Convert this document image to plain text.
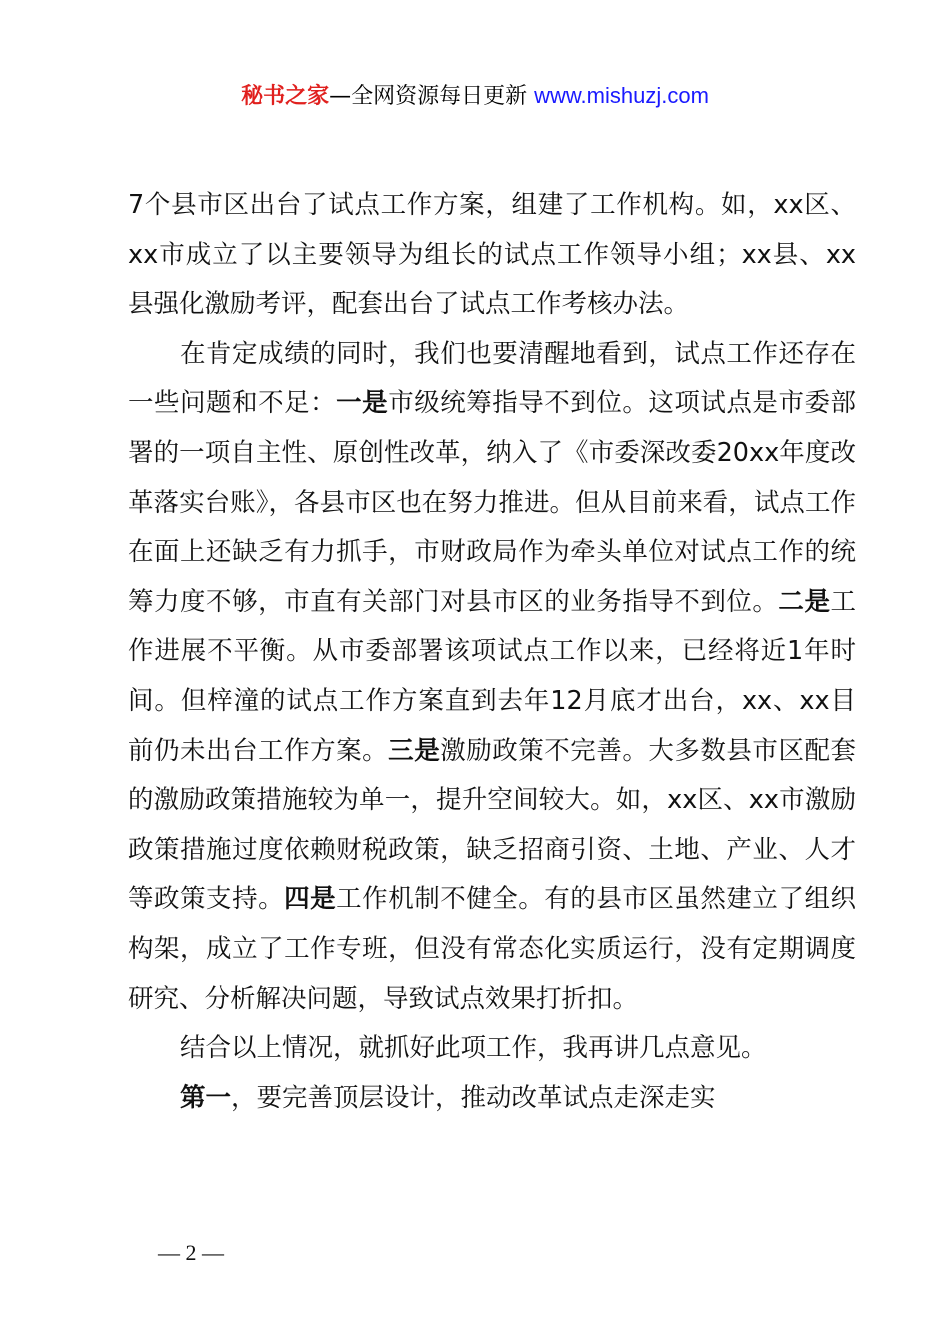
秘书之家—全网资源每日更新 www.mishuzj.com

7个县市区出台了试点工作方案，组建了工作机构。如，xx区、xx市成立了以主要领导为组长的试点工作领导小组；xx县、xx县强化激励考评，配套出台了试点工作考核办法。

在肯定成绩的同时，我们也要清醒地看到，试点工作还存在一些问题和不足：一是市级统筹指导不到位。这项试点是市委部署的一项自主性、原创性改革，纳入了《市委深改委20xx年度改革落实台账》，各县市区也在努力推进。但从目前来看，试点工作在面上还缺乏有力抓手，市财政局作为牵头单位对试点工作的统筹力度不够，市直有关部门对县市区的业务指导不到位。二是工作进展不平衡。从市委部署该项试点工作以来，已经将近1年时间。但梓潼的试点工作方案直到去年12月底才出台，xx、xx目前仍未出台工作方案。三是激励政策不完善。大多数县市区配套的激励政策措施较为单一，提升空间较大。如，xx区、xx市激励政策措施过度依赖财税政策，缺乏招商引资、土地、产业、人才等政策支持。四是工作机制不健全。有的县市区虽然建立了组织构架，成立了工作专班，但没有常态化实质运行，没有定期调度研究、分析解决问题，导致试点效果打折扣。

结合以上情况，就抓好此项工作，我再讲几点意见。

第一，要完善顶层设计，推动改革试点走深走实

— 2 —
